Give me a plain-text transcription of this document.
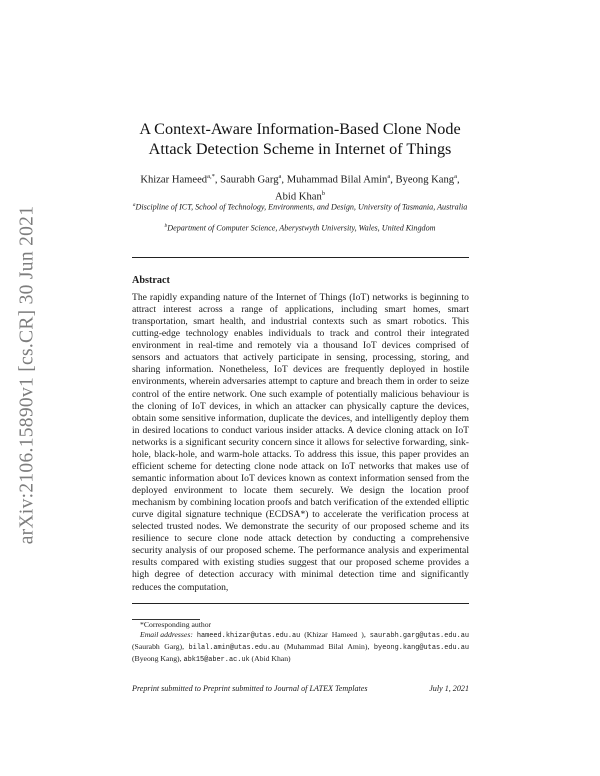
arXiv:2106.15890v1 [cs.CR] 30 Jun 2021
A Context-Aware Information-Based Clone Node
Attack Detection Scheme in Internet of Things
Khizar Hameed$^{a,*}$, Saurabh Garg$^a$, Muhammad Bilal Amin$^a$, Byeong Kang$^a$,
Abid Khan$^b$
$^a$Discipline of ICT, School of Technology, Environments, and Design, University of Tasmania, Australia
$^b$Department of Computer Science, Aberystwyth University, Wales, United Kingdom
Abstract
The rapidly expanding nature of the Internet of Things (IoT) networks is beginning to attract interest across a range of applications, including smart homes, smart transportation, smart health, and industrial contexts such as smart robotics. This cutting-edge technology enables individuals to track and control their integrated environment in real-time and remotely via a thousand IoT devices comprised of sensors and actuators that actively participate in sensing, processing, storing, and sharing information. Nonetheless, IoT devices are frequently deployed in hostile environments, wherein adversaries attempt to capture and breach them in order to seize control of the entire network. One such example of potentially malicious behaviour is the cloning of IoT devices, in which an attacker can physically capture the devices, obtain some sensitive information, duplicate the devices, and intelligently deploy them in desired locations to conduct various insider attacks. A device cloning attack on IoT networks is a significant security concern since it allows for selective forwarding, sink-hole, black-hole, and warm-hole attacks. To address this issue, this paper provides an efficient scheme for detecting clone node attack on IoT networks that makes use of semantic information about IoT devices known as context information sensed from the deployed environment to locate them securely. We design the location proof mechanism by combining location proofs and batch verification of the extended elliptic curve digital signature technique (ECDSA*) to accelerate the verification process at selected trusted nodes. We demonstrate the security of our proposed scheme and its resilience to secure clone node attack detection by conducting a comprehensive security analysis of our proposed scheme. The performance analysis and experimental results compared with existing studies suggest that our proposed scheme provides a high degree of detection accuracy with minimal detection time and significantly reduces the computation,
*Corresponding author
Email addresses: hameed.khizar@utas.edu.au (Khizar Hameed ), saurabh.garg@utas.edu.au (Saurabh Garg), bilal.amin@utas.edu.au (Muhammad Bilal Amin), byeong.kang@utas.edu.au (Byeong Kang), abk15@aber.ac.uk (Abid Khan)
Preprint submitted to Preprint submitted to Journal of LATEX Templates	July 1, 2021
